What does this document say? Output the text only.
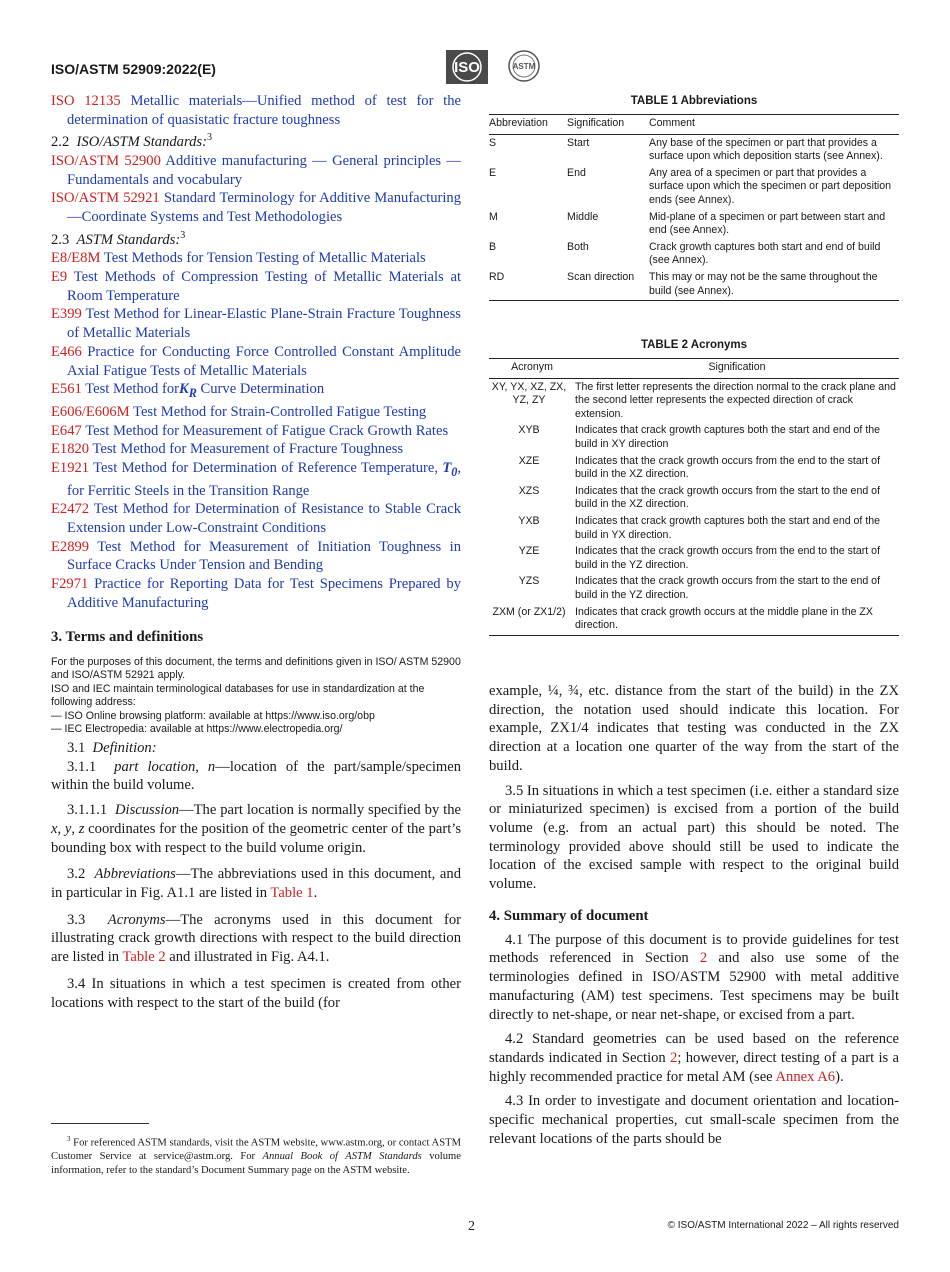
ISO/ASTM 52909:2022(E)	ISO	ASTM
ISO 12135 Metallic materials—Unified method of test for the determination of quasistatic fracture toughness
2.2 ISO/ASTM Standards:$^3$
ISO/ASTM 52900 Additive manufacturing — General principles — Fundamentals and vocabulary
ISO/ASTM 52921 Standard Terminology for Additive Manufacturing—Coordinate Systems and Test Methodologies
2.3 ASTM Standards:$^3$
E8/E8M Test Methods for Tension Testing of Metallic Materials
E9 Test Methods of Compression Testing of Metallic Materials at Room Temperature
E399 Test Method for Linear-Elastic Plane-Strain Fracture Toughness of Metallic Materials
E466 Practice for Conducting Force Controlled Constant Amplitude Axial Fatigue Tests of Metallic Materials
E561 Test Method forK$_R$ Curve Determination
E606/E606M Test Method for Strain-Controlled Fatigue Testing
E647 Test Method for Measurement of Fatigue Crack Growth Rates
E1820 Test Method for Measurement of Fracture Toughness
E1921 Test Method for Determination of Reference Temperature, $T_0$, for Ferritic Steels in the Transition Range
E2472 Test Method for Determination of Resistance to Stable Crack Extension under Low-Constraint Conditions
E2899 Test Method for Measurement of Initiation Toughness in Surface Cracks Under Tension and Bending
F2971 Practice for Reporting Data for Test Specimens Prepared by Additive Manufacturing
3. Terms and definitions
For the purposes of this document, the terms and definitions given in ISO/ ASTM 52900 and ISO/ASTM 52921 apply.
ISO and IEC maintain terminological databases for use in standardization at the following address:
— ISO Online browsing platform: available at https://www.iso.org/obp
— IEC Electropedia: available at https://www.electropedia.org/

3.1 Definition:

3.1.1 part location, n—location of the part/sample/specimen within the build volume.

3.1.1.1 Discussion—The part location is normally specified by the x, y, z coordinates for the position of the geometric center of the part’s bounding box with respect to the build volume origin.

3.2 Abbreviations—The abbreviations used in this document, and in particular in Fig. A1.1 are listed in Table 1.

3.3 Acronyms—The acronyms used in this document for illustrating crack growth directions with respect to the build direction are listed in Table 2 and illustrated in Fig. A4.1.

3.4 In situations in which a test specimen is created from other locations with respect to the start of the build (for

$^3$ For referenced ASTM standards, visit the ASTM website, www.astm.org, or contact ASTM Customer Service at service@astm.org. For Annual Book of ASTM Standards volume information, refer to the standard’s Document Summary page on the ASTM website.
TABLE 1 Abbreviations
Abbreviation	Signification	Comment
S	Start	Any base of the specimen or part that provides a surface upon which deposition starts (see Annex).
E	End	Any area of a specimen or part that provides a surface upon which the specimen or part deposition ends (see Annex).
M	Middle	Mid-plane of a specimen or part between start and end (see Annex).
B	Both	Crack growth captures both start and end of build (see Annex).
RD	Scan direction	This may or may not be the same throughout the build (see Annex).
TABLE 2 Acronyms
Acronym	Signification
XY, YX, XZ, ZX, YZ, ZY	The first letter represents the direction normal to the crack plane and the second letter represents the expected direction of crack extension.
XYB	Indicates that crack growth captures both the start and end of the build in XY direction
XZE	Indicates that the crack growth occurs from the end to the start of build in the XZ direction.
XZS	Indicates that the crack growth occurs from the start to the end of build in the XZ direction.
YXB	Indicates that crack growth captures both the start and end of the build in YX direction.
YZE	Indicates that the crack growth occurs from the end to the start of build in the YZ direction.
YZS	Indicates that the crack growth occurs from the start to the end of build in the YZ direction.
ZXM (or ZX1/2)	Indicates that crack growth occurs at the middle plane in the ZX direction.

example, ¼, ¾, etc. distance from the start of the build) in the ZX direction, the notation used should indicate this location. For example, ZX1/4 indicates that testing was conducted in the ZX direction at a location one quarter of the way from the start of the build.

3.5 In situations in which a test specimen (i.e. either a standard size or miniaturized specimen) is excised from a portion of the build volume (e.g. from an actual part) this should be noted. The terminology provided above should still be used to indicate the location of the excised sample with respect to the original build volume.

4. Summary of document

4.1 The purpose of this document is to provide guidelines for test methods referenced in Section 2 and also use some of the terminologies defined in ISO/ASTM 52900 with metal additive manufacturing (AM) test specimens. Test specimens may be built directly to net-shape, or near net-shape, or excised from a part.

4.2 Standard geometries can be used based on the reference standards indicated in Section 2; however, direct testing of a part is a highly recommended practice for metal AM (see Annex A6).

4.3 In order to investigate and document orientation and location-specific mechanical properties, cut small-scale specimen from the relevant locations of the parts should be

2	© ISO/ASTM International 2022 – All rights reserved
